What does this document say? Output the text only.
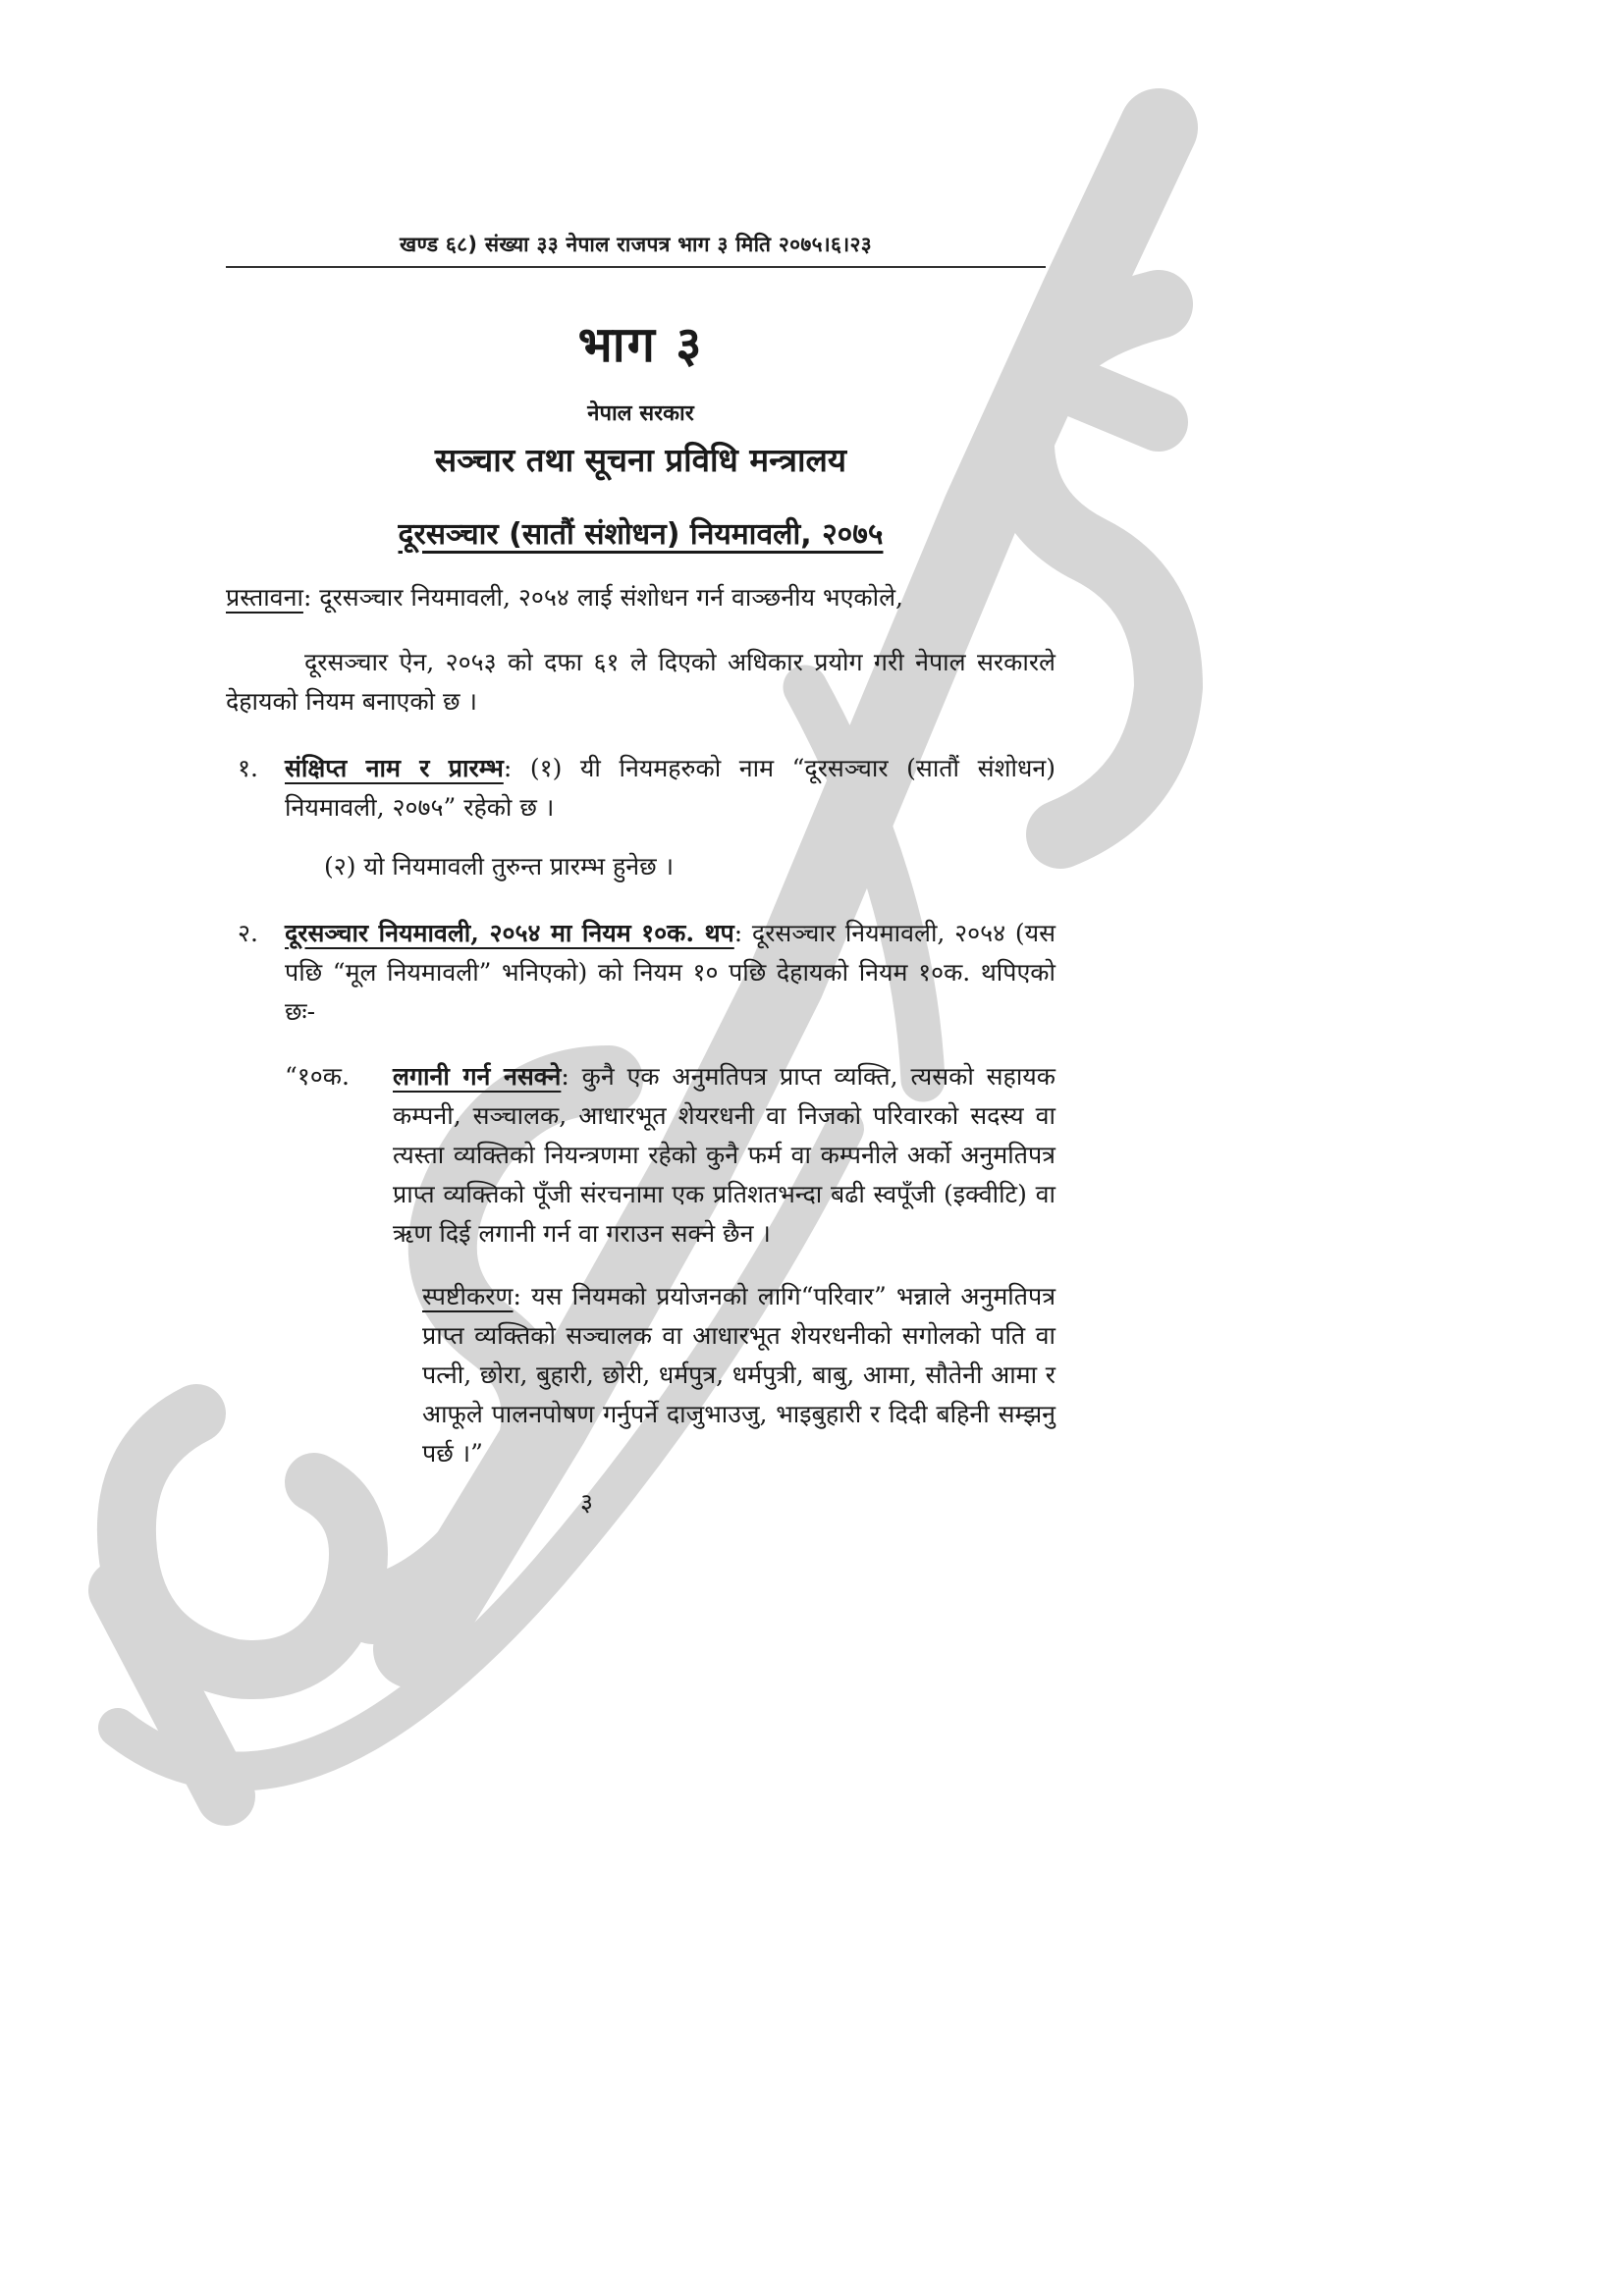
खण्ड ६८) संख्या ३३ नेपाल राजपत्र भाग ३ मिति २०७५।६।२३
भाग ३
नेपाल सरकार
सञ्चार तथा सूचना प्रविधि मन्त्रालय
दूरसञ्चार (सातौं संशोधन) नियमावली, २०७५
प्रस्तावना: दूरसञ्चार नियमावली, २०५४ लाई संशोधन गर्न वाञ्छनीय भएकोले,
दूरसञ्चार ऐन, २०५३ को दफा ६१ ले दिएको अधिकार प्रयोग गरी नेपाल सरकारले देहायको नियम बनाएको छ ।
१.	संक्षिप्त नाम र प्रारम्भ: (१) यी नियमहरुको नाम “दूरसञ्चार (सातौं संशोधन) नियमावली, २०७५” रहेको छ ।
(२) यो नियमावली तुरुन्त प्रारम्भ हुनेछ ।
२.	दूरसञ्चार नियमावली, २०५४ मा नियम १०क. थप: दूरसञ्चार नियमावली, २०५४ (यस पछि “मूल नियमावली” भनिएको) को नियम १० पछि देहायको नियम १०क. थपिएको छः-
“१०क.	लगानी गर्न नसक्ने: कुनै एक अनुमतिपत्र प्राप्त व्यक्ति, त्यसको सहायक कम्पनी, सञ्चालक, आधारभूत शेयरधनी वा निजको परिवारको सदस्य वा त्यस्ता व्यक्तिको नियन्त्रणमा रहेको कुनै फर्म वा कम्पनीले अर्को अनुमतिपत्र प्राप्त व्यक्तिको पूँजी संरचनामा एक प्रतिशतभन्दा बढी स्वपूँजी (इक्वीटि) वा ऋण दिई लगानी गर्न वा गराउन सक्ने छैन ।
स्पष्टीकरण: यस नियमको प्रयोजनको लागि“परिवार” भन्नाले अनुमतिपत्र प्राप्त व्यक्तिको सञ्चालक वा आधारभूत शेयरधनीको सगोलको पति वा पत्नी, छोरा, बुहारी, छोरी, धर्मपुत्र, धर्मपुत्री, बाबु, आमा, सौतेनी आमा र आफूले पालनपोषण गर्नुपर्ने दाजुभाउजु, भाइबुहारी र दिदी बहिनी सम्झनु पर्छ ।”
३
